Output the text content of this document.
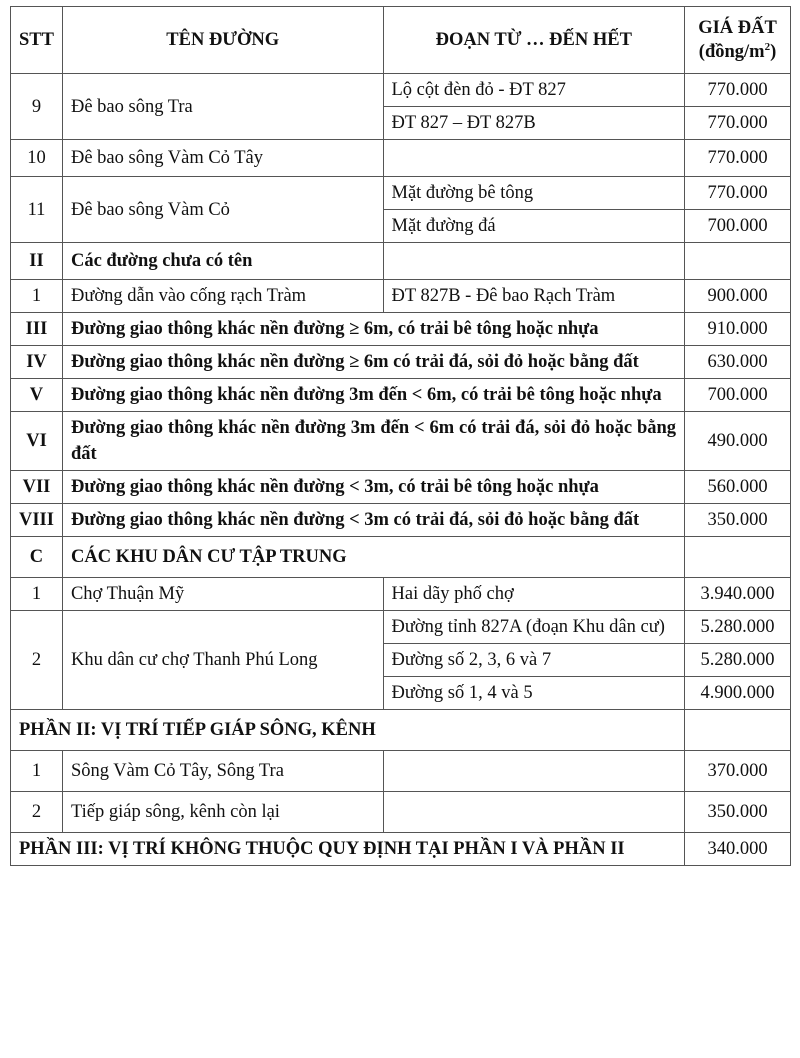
STT	TÊN ĐƯỜNG	ĐOẠN TỪ … ĐẾN HẾT	GIÁ ĐẤT
$(đồng/m^2)$
9	Đê bao sông Tra	Lộ cột đèn đỏ - ĐT 827	770.000
		ĐT 827 – ĐT 827B	770.000
10	Đê bao sông Vàm Cỏ Tây		770.000
11	Đê bao sông Vàm Cỏ	Mặt đường bê tông	770.000
		Mặt đường đá	700.000
II	Các đường chưa có tên		
1	Đường dẫn vào cống rạch Tràm	ĐT 827B - Đê bao Rạch Tràm	900.000
III	Đường giao thông khác nền đường ≥ 6m, có trải bê tông hoặc nhựa		910.000
IV	Đường giao thông khác nền đường ≥ 6m có trải đá, sỏi đỏ hoặc bằng đất		630.000
V	Đường giao thông khác nền đường 3m đến < 6m, có trải bê tông hoặc nhựa		700.000
VI	Đường giao thông khác nền đường 3m đến < 6m có trải đá, sỏi đỏ hoặc bằng đất		490.000
VII	Đường giao thông khác nền đường < 3m, có trải bê tông hoặc nhựa		560.000
VIII	Đường giao thông khác nền đường < 3m có trải đá, sỏi đỏ hoặc bằng đất		350.000
C	CÁC KHU DÂN CƯ TẬP TRUNG		
1	Chợ Thuận Mỹ	Hai dãy phố chợ	3.940.000
2	Khu dân cư chợ Thanh Phú Long	Đường tỉnh 827A (đoạn Khu dân cư)	5.280.000
		Đường số 2, 3, 6 và 7	5.280.000
		Đường số 1, 4 và 5	4.900.000
PHẦN II: VỊ TRÍ TIẾP GIÁP SÔNG, KÊNH			
1	Sông Vàm Cỏ Tây, Sông Tra		370.000
2	Tiếp giáp sông, kênh còn lại		350.000
PHẦN III: VỊ TRÍ KHÔNG THUỘC QUY ĐỊNH TẠI PHẦN I VÀ PHẦN II			340.000
